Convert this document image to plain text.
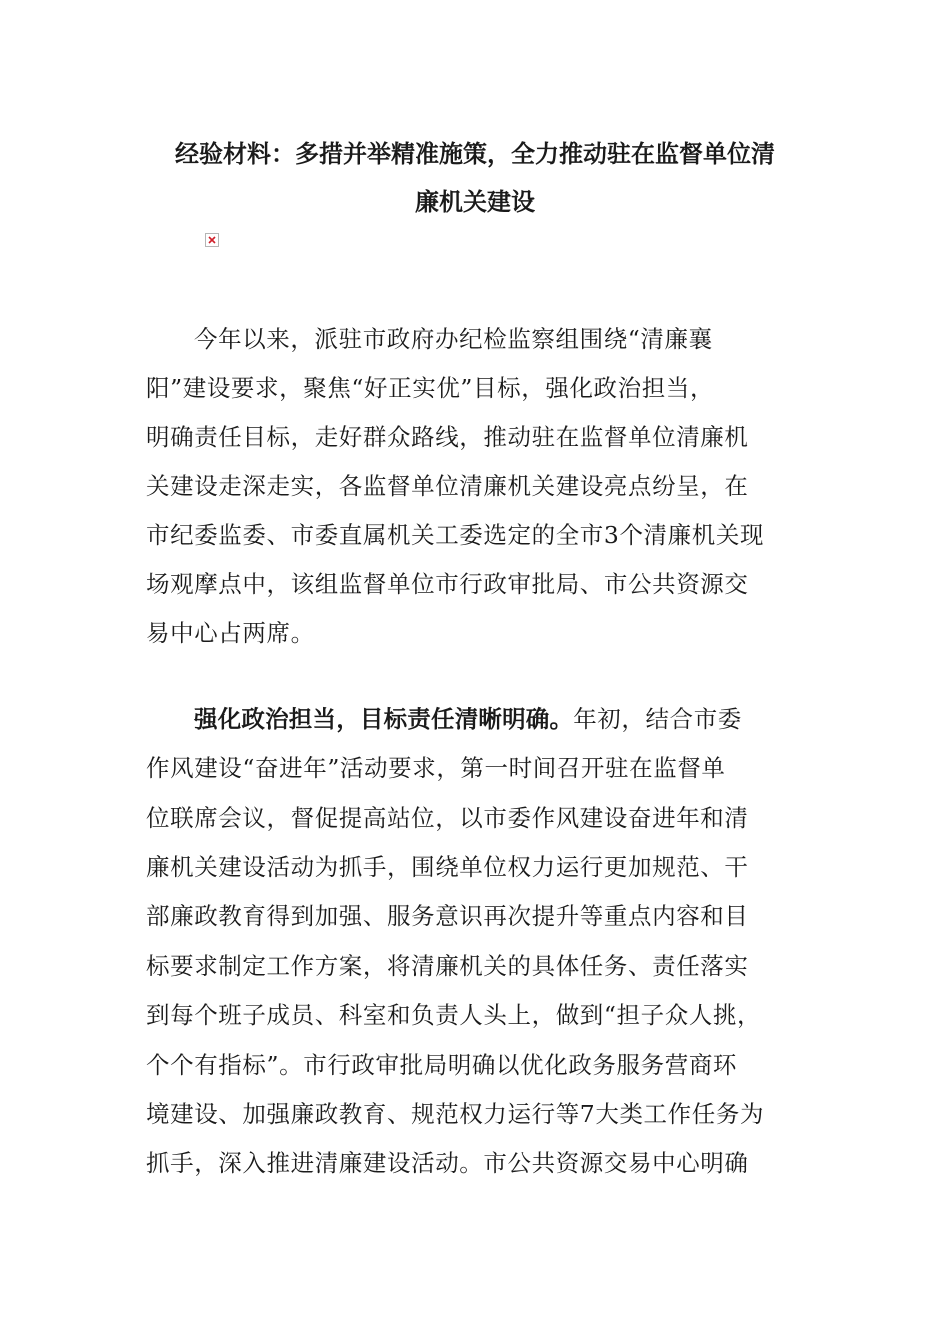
经验材料：多措并举精准施策，全力推动驻在监督单位清
廉机关建设

今年以来，派驻市政府办纪检监察组围绕“清廉襄

阳”建设要求，聚焦“好正实优”目标，强化政治担当，

明确责任目标，走好群众路线，推动驻在监督单位清廉机

关建设走深走实，各监督单位清廉机关建设亮点纷呈，在

市纪委监委、市委直属机关工委选定的全市3个清廉机关现

场观摩点中，该组监督单位市行政审批局、市公共资源交

易中心占两席。

强化政治担当，目标责任清晰明确。年初，结合市委

作风建设“奋进年”活动要求，第一时间召开驻在监督单

位联席会议，督促提高站位，以市委作风建设奋进年和清

廉机关建设活动为抓手，围绕单位权力运行更加规范、干

部廉政教育得到加强、服务意识再次提升等重点内容和目

标要求制定工作方案，将清廉机关的具体任务、责任落实

到每个班子成员、科室和负责人头上，做到“担子众人挑，

个个有指标”。市行政审批局明确以优化政务服务营商环

境建设、加强廉政教育、规范权力运行等7大类工作任务为

抓手，深入推进清廉建设活动。市公共资源交易中心明确
